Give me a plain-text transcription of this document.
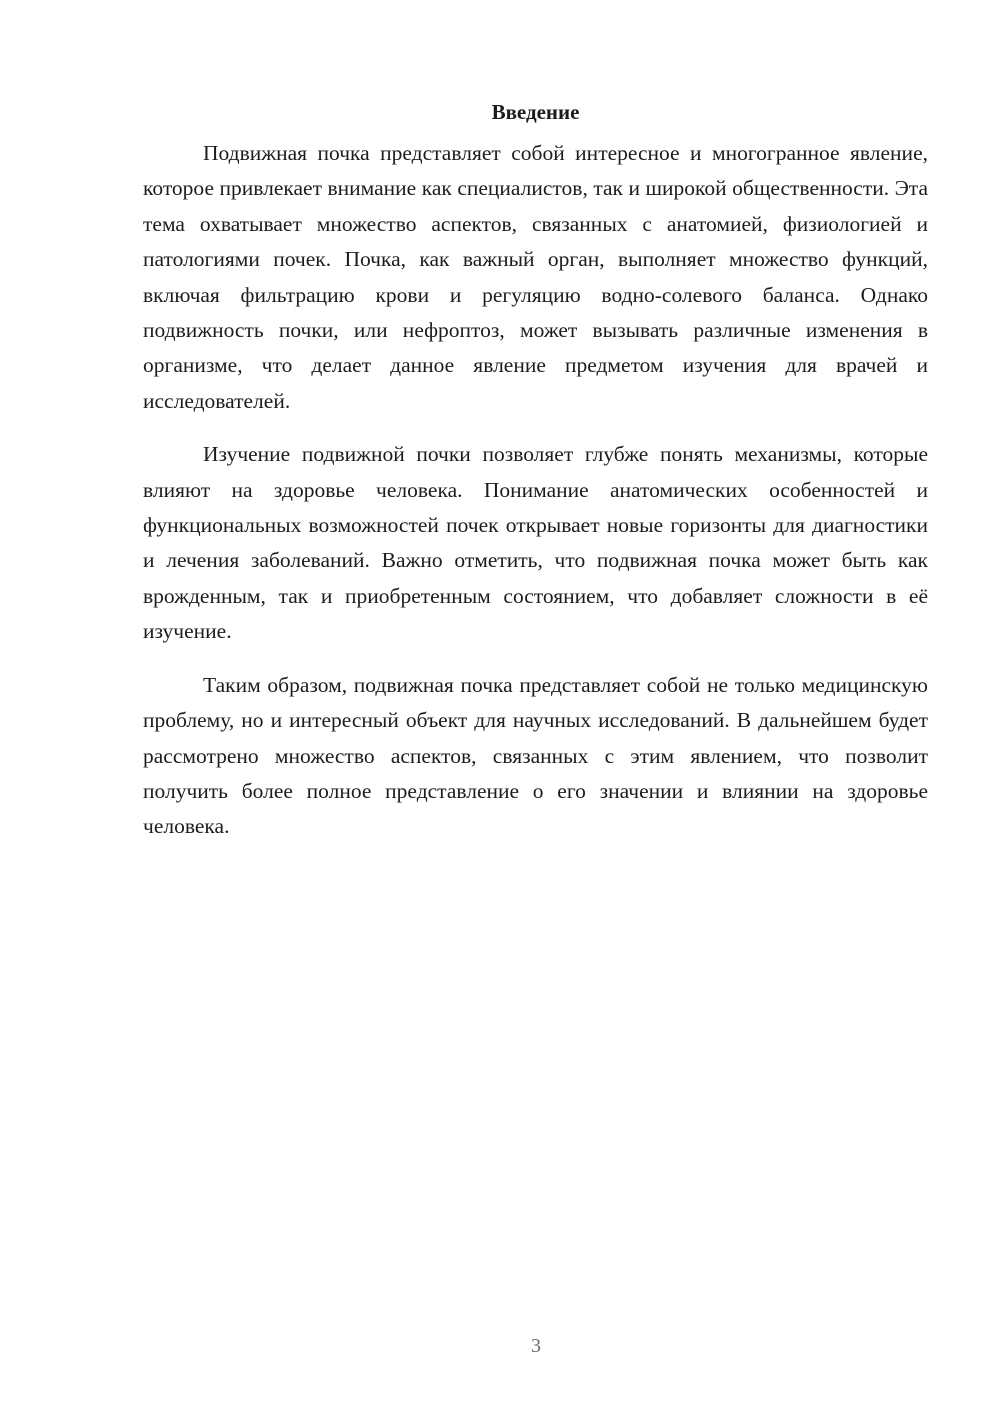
Введение

Подвижная почка представляет собой интересное и многогранное явление, которое привлекает внимание как специалистов, так и широкой общественности. Эта тема охватывает множество аспектов, связанных с анатомией, физиологией и патологиями почек. Почка, как важный орган, выполняет множество функций, включая фильтрацию крови и регуляцию водно-солевого баланса. Однако подвижность почки, или нефроптоз, может вызывать различные изменения в организме, что делает данное явление предметом изучения для врачей и исследователей.

Изучение подвижной почки позволяет глубже понять механизмы, которые влияют на здоровье человека. Понимание анатомических особенностей и функциональных возможностей почек открывает новые горизонты для диагностики и лечения заболеваний. Важно отметить, что подвижная почка может быть как врожденным, так и приобретенным состоянием, что добавляет сложности в её изучение.

Таким образом, подвижная почка представляет собой не только медицинскую проблему, но и интересный объект для научных исследований. В дальнейшем будет рассмотрено множество аспектов, связанных с этим явлением, что позволит получить более полное представление о его значении и влиянии на здоровье человека.

3
